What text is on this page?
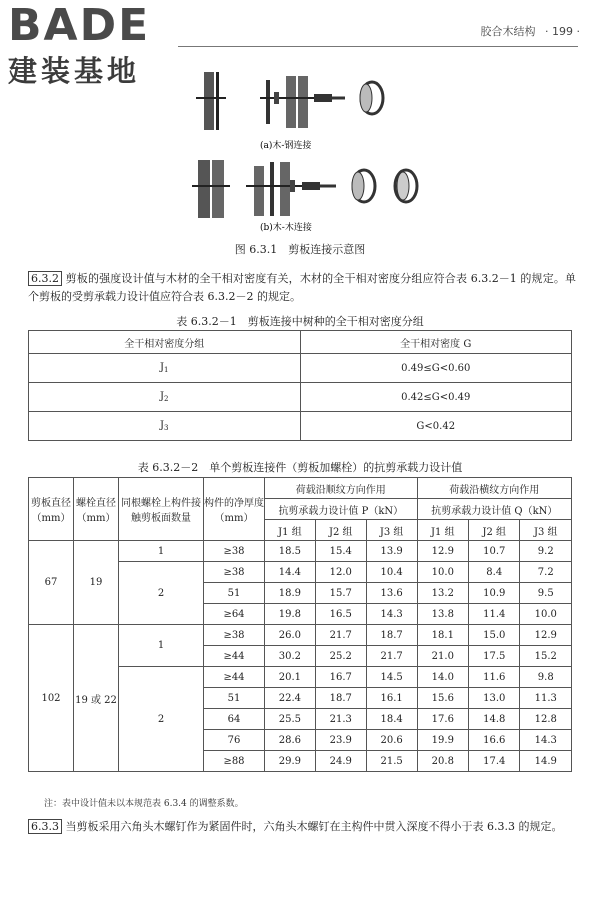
BADE
建装基地
胶合木结构 · 199 ·
(a)木-钢连接
(b)木-木连接
图 6.3.1　剪板连接示意图
6.3.2 剪板的强度设计值与木材的全干相对密度有关，木材的全干相对密度分组应符合表 6.3.2－1 的规定。单个剪板的受剪承载力设计值应符合表 6.3.2－2 的规定。
表 6.3.2－1　剪板连接中树种的全干相对密度分组
全干相对密度分组	全干相对密度 G
$J_1$	0.49≤G<0.60
$J_2$	0.42≤G<0.49
$J_3$	G<0.42
表 6.3.2－2　单个剪板连接件（剪板加螺栓）的抗剪承载力设计值
剪板直径（mm）	螺栓直径（mm）	同根螺栓上构件接触剪板面数量	构件的净厚度（mm）	荷载沿顺纹方向作用			荷载沿横纹方向作用		
				抗剪承载力设计值 P（kN）			抗剪承载力设计值 Q（kN）		
				J1 组	J2 组	J3 组	J1 组	J2 组	J3 组
67	19	1	≥38	18.5	15.4	13.9	12.9	10.7	9.2
		2	≥38	14.4	12.0	10.4	10.0	8.4	7.2
			51	18.9	15.7	13.6	13.2	10.9	9.5
			≥64	19.8	16.5	14.3	13.8	11.4	10.0
102	19 或 22	1	≥38	26.0	21.7	18.7	18.1	15.0	12.9
			≥44	30.2	25.2	21.7	21.0	17.5	15.2
		2	≥44	20.1	16.7	14.5	14.0	11.6	9.8
			51	22.4	18.7	16.1	15.6	13.0	11.3
			64	25.5	21.3	18.4	17.6	14.8	12.8
			76	28.6	23.9	20.6	19.9	16.6	14.3
			≥88	29.9	24.9	21.5	20.8	17.4	14.9
注：表中设计值未以本规范表 6.3.4 的调整系数。
6.3.3 当剪板采用六角头木螺钉作为紧固件时，六角头木螺钉在主构件中贯入深度不得小于表 6.3.3 的规定。
